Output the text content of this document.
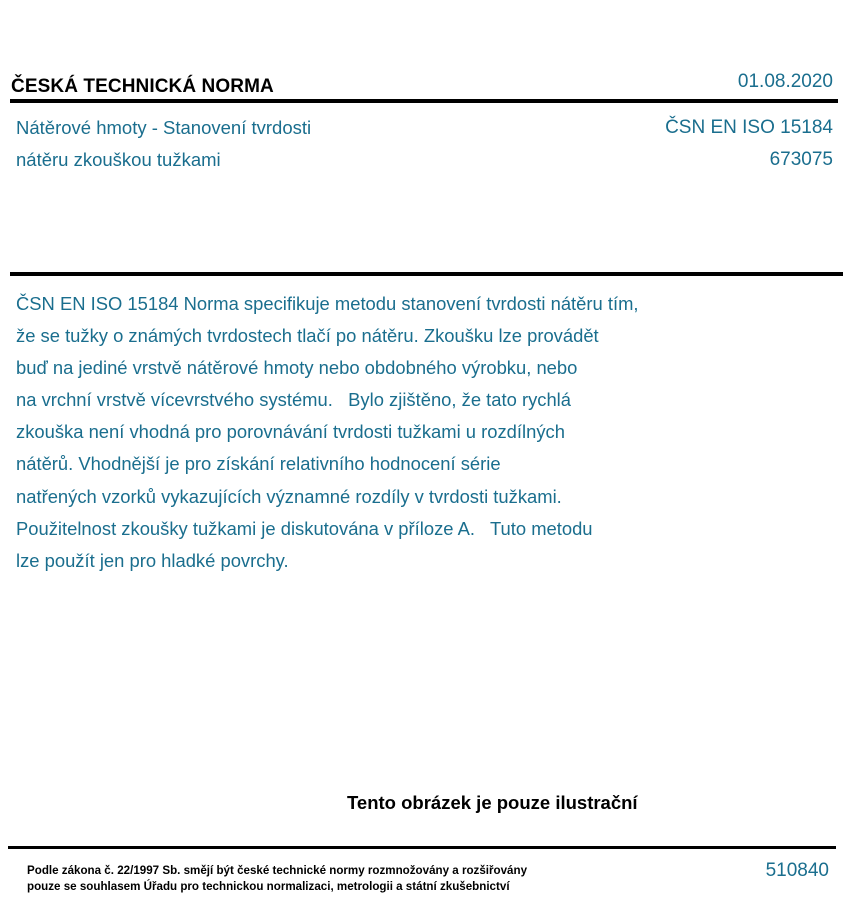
ČESKÁ TECHNICKÁ NORMA	01.08.2020
Nátěrové hmoty - Stanovení tvrdosti
nátěru zkouškou tužkami
ČSN EN ISO 15184
673075
ČSN EN ISO 15184 Norma specifikuje metodu stanovení tvrdosti nátěru tím,
že se tužky o známých tvrdostech tlačí po nátěru. Zkoušku lze provádět
buď na jediné vrstvě nátěrové hmoty nebo obdobného výrobku, nebo
na vrchní vrstvě vícevrstvého systému.   Bylo zjištěno, že tato rychlá
zkouška není vhodná pro porovnávání tvrdosti tužkami u rozdílných
nátěrů. Vhodnější je pro získání relativního hodnocení série
natřených vzorků vykazujících významné rozdíly v tvrdosti tužkami.
Použitelnost zkoušky tužkami je diskutována v příloze A.   Tuto metodu
lze použít jen pro hladké povrchy.
Tento obrázek je pouze ilustrační
Podle zákona č. 22/1997 Sb. smějí být české technické normy rozmnožovány a rozšiřovány
pouze se souhlasem Úřadu pro technickou normalizaci, metrologii a státní zkušebnictví
510840
